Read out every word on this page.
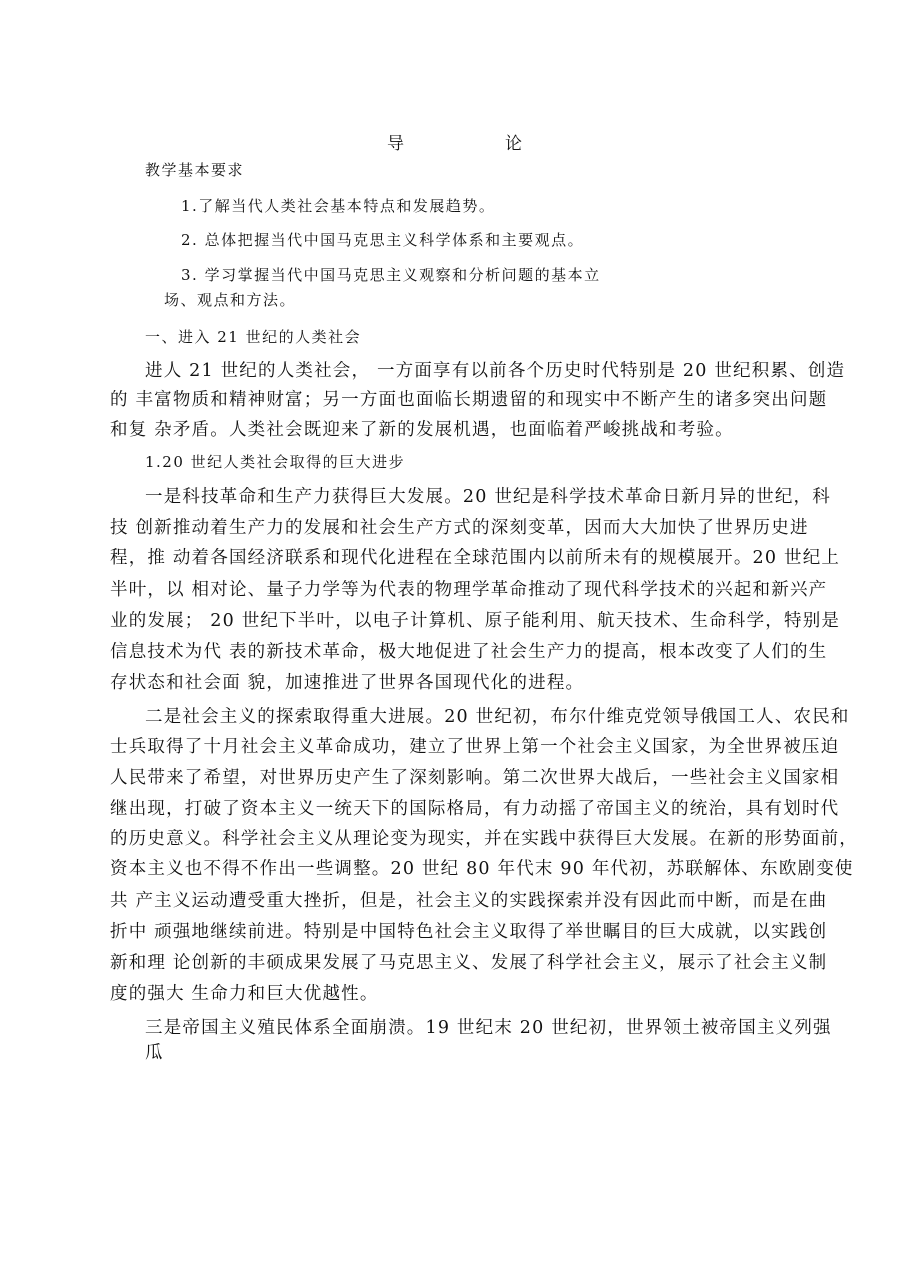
导　论
教学基本要求
1.了解当代人类社会基本特点和发展趋势。
2. 总体把握当代中国马克思主义科学体系和主要观点。
3. 学习掌握当代中国马克思主义观察和分析问题的基本立
场、观点和方法。
一、进入 21 世纪的人类社会
进人 21 世纪的人类社会， 一方面享有以前各个历史时代特别是 20 世纪积累、创造
的 丰富物质和精神财富；另一方面也面临长期遗留的和现实中不断产生的诸多突出问题
和复 杂矛盾。人类社会既迎来了新的发展机遇，也面临着严峻挑战和考验。
1.20 世纪人类社会取得的巨大进步
一是科技革命和生产力获得巨大发展。20 世纪是科学技术革命日新月异的世纪，科
技 创新推动着生产力的发展和社会生产方式的深刻变革，因而大大加快了世界历史进
程，推 动着各国经济联系和现代化进程在全球范围内以前所未有的规模展开。20 世纪上
半叶，以 相对论、量子力学等为代表的物理学革命推动了现代科学技术的兴起和新兴产
业的发展； 20 世纪下半叶，以电子计算机、原子能利用、航天技术、生命科学，特别是
信息技术为代 表的新技术革命，极大地促进了社会生产力的提高，根本改变了人们的生
存状态和社会面 貌，加速推进了世界各国现代化的进程。
二是社会主义的探索取得重大进展。20 世纪初，布尔什维克党领导俄国工人、农民和
士兵取得了十月社会主义革命成功，建立了世界上第一个社会主义国家，为全世界被压迫
人民带来了希望，对世界历史产生了深刻影响。第二次世界大战后，一些社会主义国家相
继出现，打破了资本主义一统天下的国际格局，有力动摇了帝国主义的统治，具有划时代
的历史意义。科学社会主义从理论变为现实，并在实践中获得巨大发展。在新的形势面前，
资本主义也不得不作出一些调整。20 世纪 80 年代末 90 年代初，苏联解体、东欧剧变使
共 产主义运动遭受重大挫折，但是，社会主义的实践探索并没有因此而中断，而是在曲
折中 顽强地继续前进。特别是中国特色社会主义取得了举世瞩目的巨大成就，以实践创
新和理 论创新的丰硕成果发展了马克思主义、发展了科学社会主义，展示了社会主义制
度的强大 生命力和巨大优越性。
三是帝国主义殖民体系全面崩溃。19 世纪末 20 世纪初，世界领土被帝国主义列强
瓜
